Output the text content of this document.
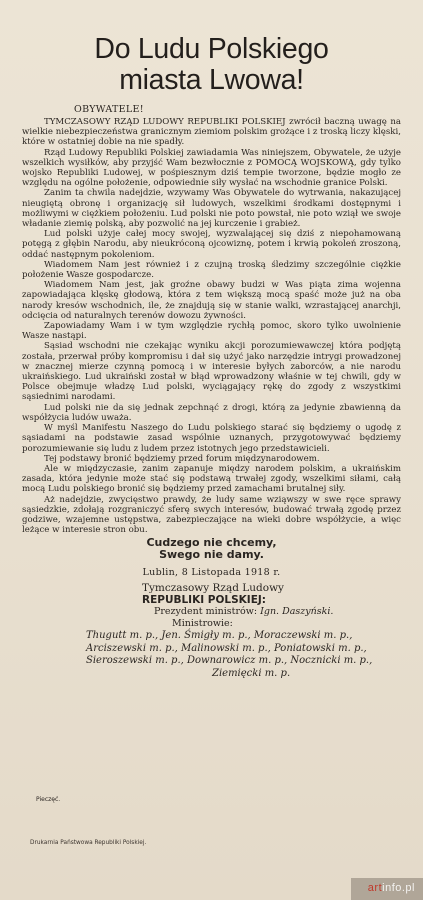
Do Ludu Polskiego
miasta Lwowa!
OBYWATELE!

TYMCZASOWY RZĄD LUDOWY REPUBLIKI POLSKIEJ zwrócił baczną uwagę na wielkie niebezpieczeństwa granicznym ziemiom polskim grożące i z troską liczy klęski, które w ostatniej dobie na nie spadły.

Rząd Ludowy Republiki Polskiej zawiadamia Was niniejszem, Obywatele, że użyje wszelkich wysiłków, aby przyjść Wam bezwłocznie z POMOCĄ WOJSKOWĄ, gdy tylko wojsko Republiki Ludowej, w pośpiesznym dziś tempie tworzone, będzie mogło ze względu na ogólne położenie, odpowiednie siły wysłać na wschodnie granice Polski.

Zanim ta chwila nadejdzie, wzywamy Was Obywatele do wytrwania, nakazującej nieugiętą obronę i organizację sił ludowych, wszelkimi środkami dostępnymi i możliwymi w ciężkiem położeniu. Lud polski nie poto powstał, nie poto wziął we swoje władanie ziemię polską, aby pozwolić na jej kurczenie i grabież.

Lud polski użyje całej mocy swojej, wyzwalającej się dziś z niepohamowaną potęgą z głębin Narodu, aby nieukróconą ojcowiznę, potem i krwią pokoleń zroszoną, oddać następnym pokoleniom.

Wiadomem Nam jest również i z czujną troską śledzimy szczególnie ciężkie położenie Wasze gospodarcze.

Wiadomem Nam jest, jak groźne obawy budzi w Was piąta zima wojenna zapowiadająca klęskę głodową, która z tem większą mocą spaść może już na oba narody kresów wschodnich, ile, że znajdują się w stanie walki, wzrastającej anarchji, odcięcia od naturalnych terenów dowozu żywności.

Zapowiadamy Wam i w tym względzie rychłą pomoc, skoro tylko uwolnienie Wasze nastąpi.

Sąsiad wschodni nie czekając wyniku akcji porozumiewawczej która podjętą została, przerwał próby kompromisu i dał się użyć jako narzędzie intrygi prowadzonej w znacznej mierze czynną pomocą i w interesie byłych zaborców, a nie narodu ukraińskiego. Lud ukraiński został w błąd wprowadzony właśnie w tej chwili, gdy w Polsce obejmuje władzę Lud polski, wyciągający rękę do zgody z wszystkimi sąsiednimi narodami.

Lud polski nie da się jednak zepchnąć z drogi, którą za jedynie zbawienną da współżycia ludów uważa.

W myśl Manifestu Naszego do Ludu polskiego starać się będziemy o ugodę z sąsiadami na podstawie zasad wspólnie uznanych, przygotowywać będziemy porozumiewanie się ludu z ludem przez istotnych jego przedstawicieli.

Tej podstawy bronić będziemy przed forum międzynarodowem.

Ale w międzyczasie, zanim zapanuje między narodem polskim, a ukraińskim zasada, która jedynie może stać się podstawą trwałej zgody, wszelkimi siłami, całą mocą Ludu polskiego bronić się będziemy przed zamachami brutalnej siły.

Aż nadejdzie, zwycięstwo prawdy, że ludy same wziąwszy w swe ręce sprawy sąsiedzkie, zdołają rozgraniczyć sferę swych interesów, budować trwałą zgodę przez godziwe, wzajemne ustępstwa, zabezpieczające na wieki dobre współżycie, a więc leżące w interesie stron obu.

Cudzego nie chcemy,
Swego nie damy.
Lublin, 8 Listopada 1918 r.
Tymczasowy Rząd Ludowy
REPUBLIKI POLSKIEJ:
Prezydent ministrów: Ign. Daszyński.
Ministrowie:
Thugutt m. p., Jen. Śmigły m. p., Moraczewski m. p.,
Arciszewski m. p., Malinowski m. p., Poniatowski m. p.,
Sieroszewski m. p., Downarowicz m. p., Nocznicki m. p.,
Ziemięcki m. p.
Pieczęć.
Drukarnia Państwowa Republiki Polskiej.
artinfo.pl
